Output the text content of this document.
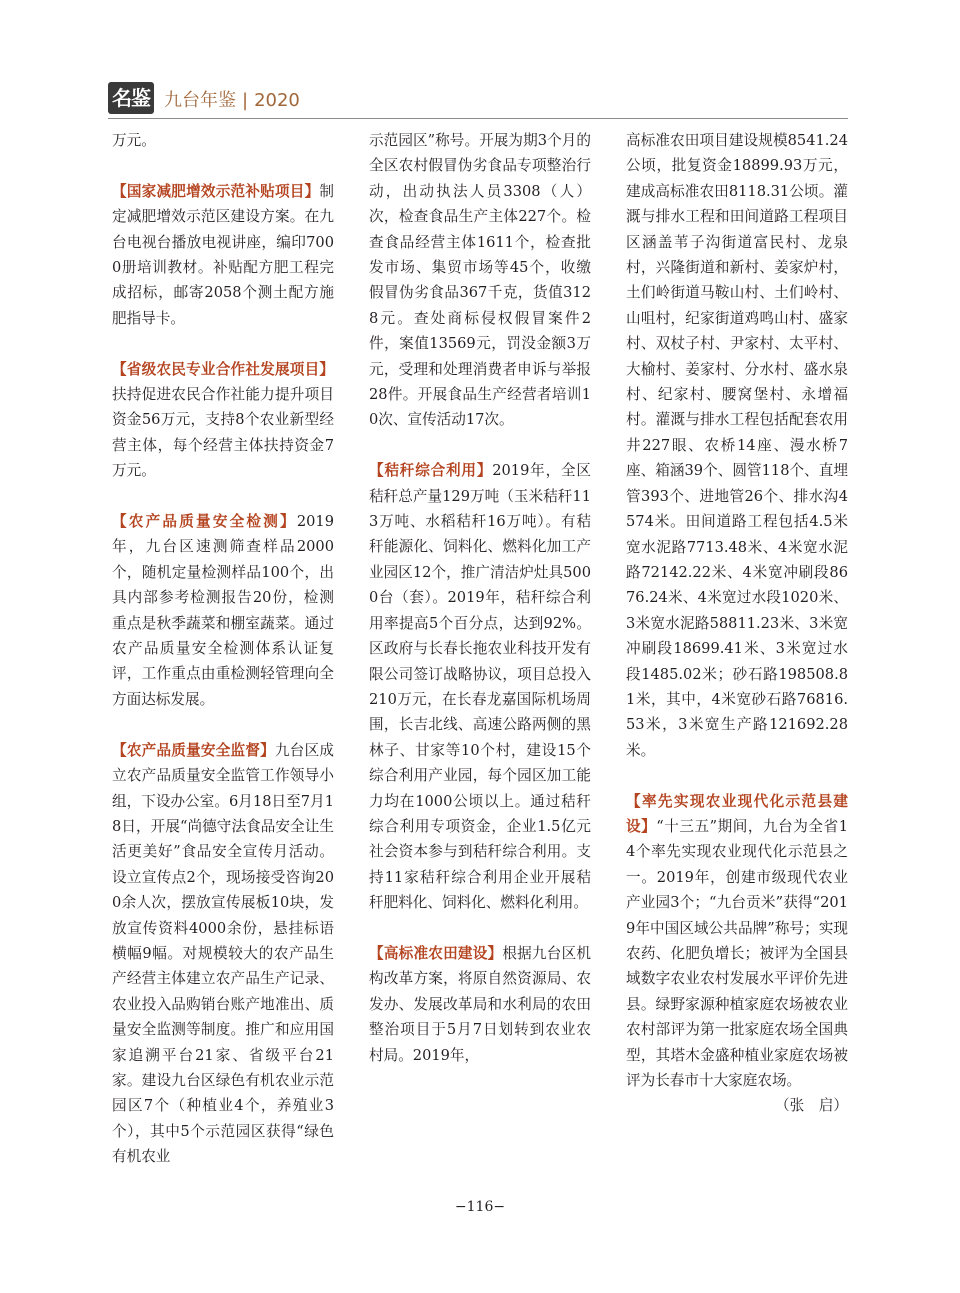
名鉴 九台年鉴 | 2020

万元。

【国家减肥增效示范补贴项目】制定减肥增效示范区建设方案。在九台电视台播放电视讲座，编印7000册培训教材。补贴配方肥工程完成招标，邮寄2058个测土配方施肥指导卡。

【省级农民专业合作社发展项目】扶持促进农民合作社能力提升项目资金56万元，支持8个农业新型经营主体，每个经营主体扶持资金7万元。

【农产品质量安全检测】2019年，九台区速测筛查样品2000个，随机定量检测样品100个，出具内部参考检测报告20份，检测重点是秋季蔬菜和棚室蔬菜。通过农产品质量安全检测体系认证复评，工作重点由重检测轻管理向全方面达标发展。

【农产品质量安全监督】九台区成立农产品质量安全监管工作领导小组，下设办公室。6月18日至7月18日，开展“尚德守法食品安全让生活更美好”食品安全宣传月活动。设立宣传点2个，现场接受咨询200余人次，摆放宣传展板10块，发放宣传资料4000余份，悬挂标语横幅9幅。对规模较大的农产品生产经营主体建立农产品生产记录、农业投入品购销台账产地准出、质量安全监测等制度。推广和应用国家追溯平台21家、省级平台21家。建设九台区绿色有机农业示范园区7个（种植业4个，养殖业3个），其中5个示范园区获得“绿色有机农业

示范园区”称号。开展为期3个月的全区农村假冒伪劣食品专项整治行动，出动执法人员3308（人）次，检查食品生产主体227个。检查食品经营主体1611个，检查批发市场、集贸市场等45个，收缴假冒伪劣食品367千克，货值3128元。查处商标侵权假冒案件2件，案值13569元，罚没金额3万元，受理和处理消费者申诉与举报28件。开展食品生产经营者培训10次、宣传活动17次。

【秸秆综合利用】2019年，全区秸秆总产量129万吨（玉米秸秆113万吨、水稻秸秆16万吨）。有秸秆能源化、饲料化、燃料化加工产业园区12个，推广清洁炉灶具5000台（套）。2019年，秸秆综合利用率提高5个百分点，达到92%。区政府与长春长拖农业科技开发有限公司签订战略协议，项目总投入210万元，在长春龙嘉国际机场周围，长吉北线、高速公路两侧的黑林子、甘家等10个村，建设15个综合利用产业园，每个园区加工能力均在1000公顷以上。通过秸秆综合利用专项资金，企业1.5亿元社会资本参与到秸秆综合利用。支持11家秸秆综合利用企业开展秸秆肥料化、饲料化、燃料化利用。

【高标准农田建设】根据九台区机构改革方案，将原自然资源局、农发办、发展改革局和水利局的农田整治项目于5月7日划转到农业农村局。2019年，

高标准农田项目建设规模8541.24公顷，批复资金18899.93万元，建成高标准农田8118.31公顷。灌溉与排水工程和田间道路工程项目区涵盖苇子沟街道富民村、龙泉村，兴隆街道和新村、姜家炉村，土们岭街道马鞍山村、土们岭村、山咀村，纪家街道鸡鸣山村、盛家村、双杖子村、尹家村、太平村、大榆村、姜家村、分水村、盛水泉村、纪家村、腰窝堡村、永增福村。灌溉与排水工程包括配套农用井227眼、农桥14座、漫水桥7座、箱涵39个、圆管118个、直埋管393个、进地管26个、排水沟4574米。田间道路工程包括4.5米宽水泥路7713.48米、4米宽水泥路72142.22米、4米宽冲刷段8676.24米、4米宽过水段1020米、3米宽水泥路58811.23米、3米宽冲刷段18699.41米、3米宽过水段1485.02米；砂石路198508.81米，其中，4米宽砂石路76816.53米，3米宽生产路121692.28米。

【率先实现农业现代化示范县建设】“十三五”期间，九台为全省14个率先实现农业现代化示范县之一。2019年，创建市级现代农业产业园3个；“九台贡米”获得“2019年中国区域公共品牌”称号；实现农药、化肥负增长；被评为全国县域数字农业农村发展水平评价先进县。绿野家源种植家庭农场被农业农村部评为第一批家庭农场全国典型，其塔木金盛种植业家庭农场被评为长春市十大家庭农场。

（张　启）

−116−
